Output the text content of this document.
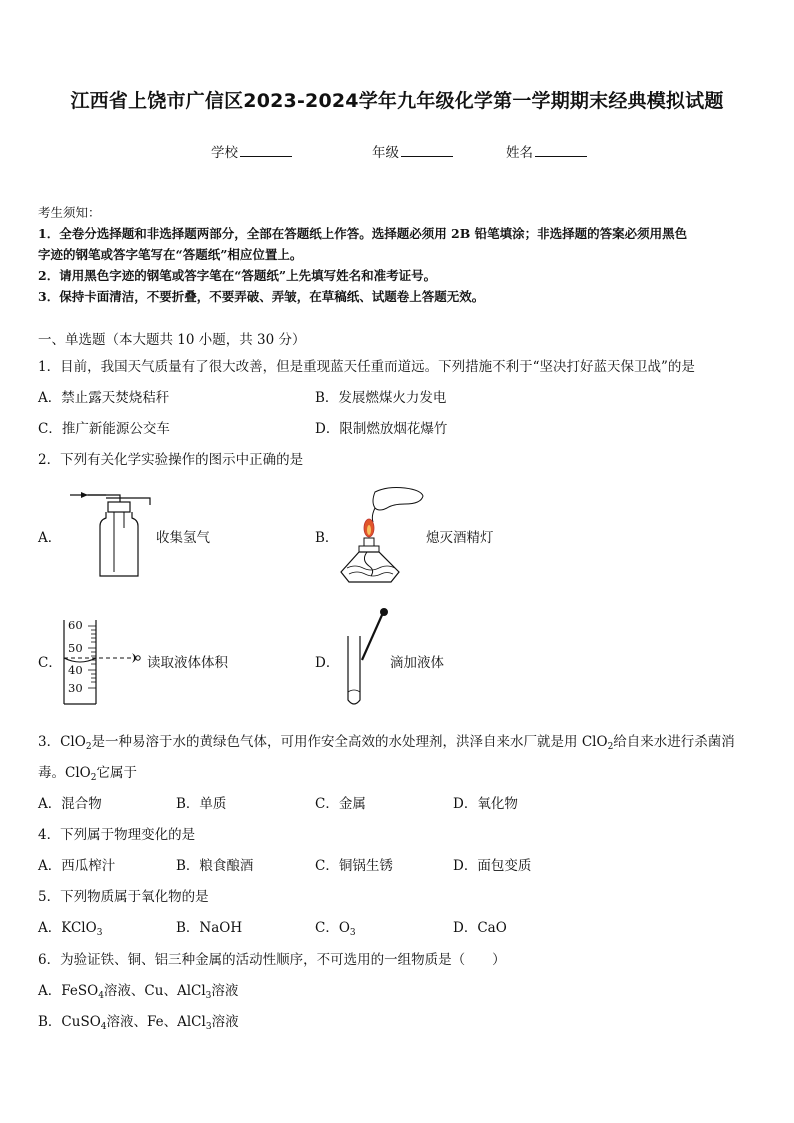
江西省上饶市广信区2023-2024学年九年级化学第一学期期末经典模拟试题
学校	年级	姓名
考生须知：
1．全卷分选择题和非选择题两部分，全部在答题纸上作答。选择题必须用 2B 铅笔填涂；非选择题的答案必须用黑色
字迹的钢笔或答字笔写在“答题纸”相应位置上。
2．请用黑色字迹的钢笔或答字笔在“答题纸”上先填写姓名和准考证号。
3．保持卡面清洁，不要折叠，不要弄破、弄皱，在草稿纸、试题卷上答题无效。
一、单选题（本大题共 10 小题，共 30 分）
1．目前，我国天气质量有了很大改善，但是重现蓝天任重而道远。下列措施不利于“坚决打好蓝天保卫战”的是
A．禁止露天焚烧秸秆	B．发展燃煤火力发电
C．推广新能源公交车	D．限制燃放烟花爆竹
2．下列有关化学实验操作的图示中正确的是
A．	收集氢气	B．	熄灭酒精灯
C．
60
50
40
30
读取液体体积	D．	滴加液体
3．ClO$_2$是一种易溶于水的黄绿色气体，可用作安全高效的水处理剂，洪泽自来水厂就是用 ClO$_2$给自来水进行杀菌消
毒。ClO$_2$它属于
A．混合物	B．单质	C．金属	D．氧化物
4．下列属于物理变化的是
A．西瓜榨汁	B．粮食酿酒	C．铜锅生锈	D．面包变质
5．下列物质属于氧化物的是
A．KClO$_3$	B．NaOH	C．$O_3$	D．CaO
6．为验证铁、铜、铝三种金属的活动性顺序，不可选用的一组物质是（　　）
A．FeSO$_4$溶液、Cu、AlCl$_3$溶液
B．CuSO$_4$溶液、Fe、AlCl$_3$溶液
